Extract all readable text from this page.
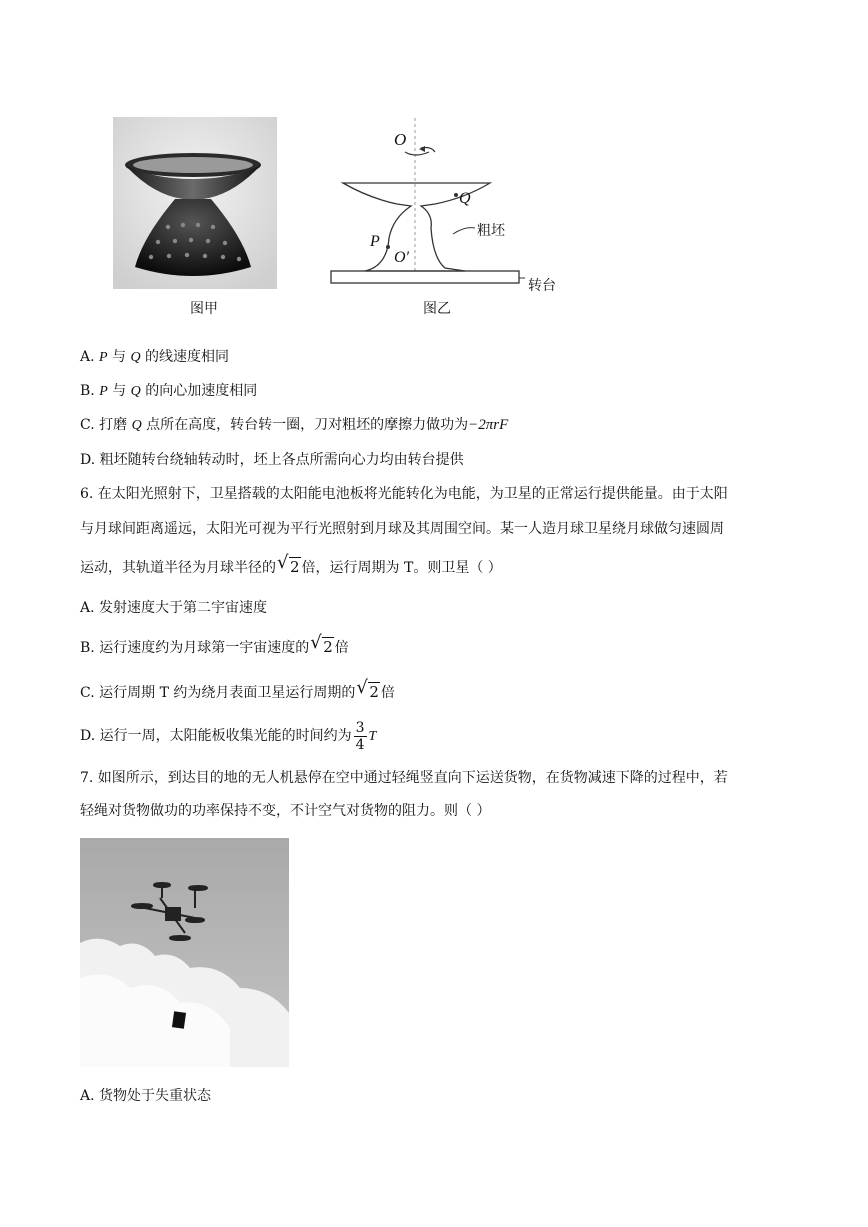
图甲
O
Q
P
O′
粗坯
转台
图乙
A. P 与 Q 的线速度相同
B. P 与 Q 的向心加速度相同
C. 打磨 Q 点所在高度，转台转一圈，刀对粗坯的摩擦力做功为−2πrF
D. 粗坯随转台绕轴转动时，坯上各点所需向心力均由转台提供
6. 在太阳光照射下，卫星搭载的太阳能电池板将光能转化为电能，为卫星的正常运行提供能量。由于太阳
与月球间距离遥远，太阳光可视为平行光照射到月球及其周围空间。某一人造月球卫星绕月球做匀速圆周
运动，其轨道半径为月球半径的 √ 2 倍，运行周期为 T。则卫星（ ）
A. 发射速度大于第二宇宙速度
B. 运行速度约为月球第一宇宙速度的 √ 2 倍
C. 运行周期 T 约为绕月表面卫星运行周期的 √ 2 倍
D. 运行一周，太阳能板收集光能的时间约为 $\frac{3}{4}$ T
7. 如图所示，到达目的地的无人机悬停在空中通过轻绳竖直向下运送货物，在货物减速下降的过程中，若
轻绳对货物做功的功率保持不变，不计空气对货物的阻力。则（ ）
A. 货物处于失重状态
